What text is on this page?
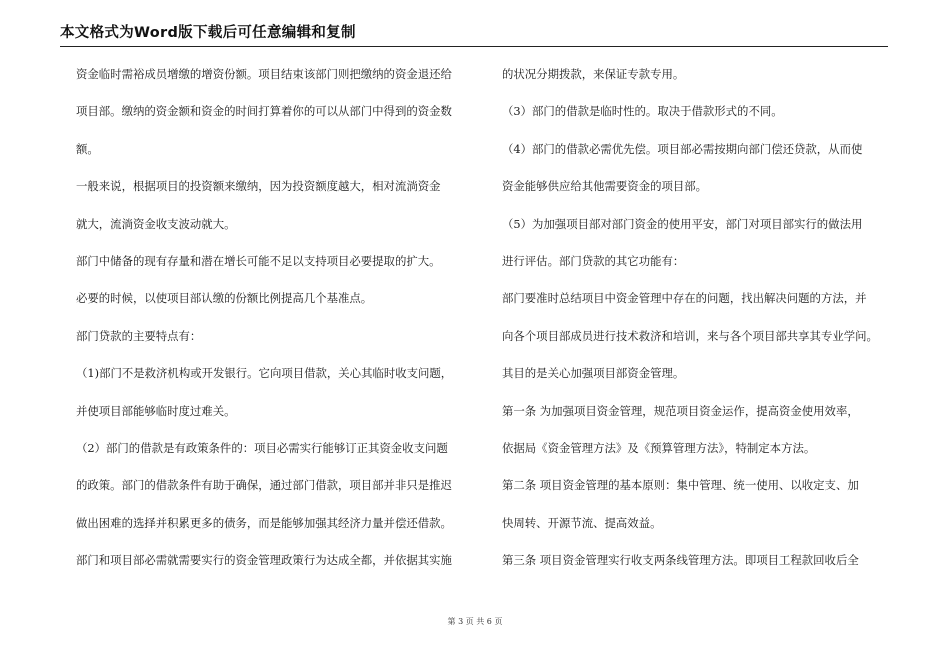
本文格式为Word版下载后可任意编辑和复制
资金临时需裕成员增缴的增资份额。项目结束该部门则把缴纳的资金退还给
项目部。缴纳的资金额和资金的时间打算着你的可以从部门中得到的资金数
额。
一般来说，根据项目的投资额来缴纳，因为投资额度越大，相对流淌资金
就大，流淌资金收支波动就大。
部门中储备的现有存量和潜在增长可能不足以支持项目必要提取的扩大。
必要的时候，以使项目部认缴的份额比例提高几个基准点。
部门贷款的主要特点有：
（1)部门不是救济机构或开发银行。它向项目借款，关心其临时收支问题，
并使项目部能够临时度过难关。
（2）部门的借款是有政策条件的：项目必需实行能够订正其资金收支问题
的政策。部门的借款条件有助于确保，通过部门借款，项目部并非只是推迟
做出困难的选择并积累更多的债务，而是能够加强其经济力量并偿还借款。
部门和项目部必需就需要实行的资金管理政策行为达成全都，并依据其实施
的状况分期拨款，来保证专款专用。
（3）部门的借款是临时性的。取决于借款形式的不同。
（4）部门的借款必需优先偿。项目部必需按期向部门偿还贷款，从而使
资金能够供应给其他需要资金的项目部。
（5）为加强项目部对部门资金的使用平安，部门对项目部实行的做法用
进行评估。部门贷款的其它功能有：
部门要准时总结项目中资金管理中存在的问题，找出解决问题的方法，并
向各个项目部成员进行技术救济和培训，来与各个项目部共享其专业学问。
其目的是关心加强项目部资金管理。
第一条 为加强项目资金管理，规范项目资金运作，提高资金使用效率，
依据局《资金管理方法》及《预算管理方法》，特制定本方法。
第二条 项目资金管理的基本原则：集中管理、统一使用、以收定支、加
快周转、开源节流、提高效益。
第三条 项目资金管理实行收支两条线管理方法。即项目工程款回收后全
第 3 页 共 6 页
